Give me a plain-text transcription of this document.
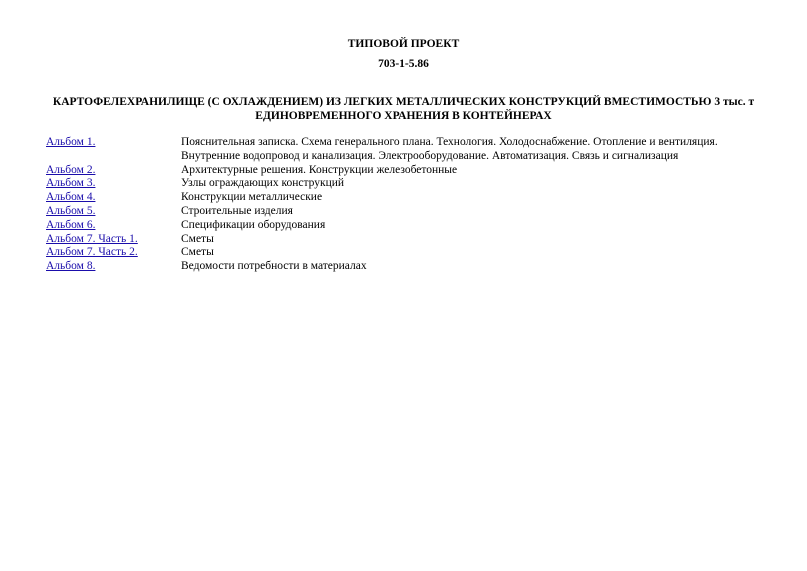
ТИПОВОЙ ПРОЕКТ
703-1-5.86
КАРТОФЕЛЕХРАНИЛИЩЕ (С ОХЛАЖДЕНИЕМ) ИЗ ЛЕГКИХ МЕТАЛЛИЧЕСКИХ КОНСТРУКЦИЙ ВМЕСТИМОСТЬЮ 3 тыс. т
ЕДИНОВРЕМЕННОГО ХРАНЕНИЯ В КОНТЕЙНЕРАХ
Альбом 1.	Пояснительная записка. Схема генерального плана. Технология. Холодоснабжение. Отопление и вентиляция. Внутренние водопровод и канализация. Электрооборудование. Автоматизация. Связь и сигнализация
Альбом 2.	Архитектурные решения. Конструкции железобетонные
Альбом 3.	Узлы ограждающих конструкций
Альбом 4.	Конструкции металлические
Альбом 5.	Строительные изделия
Альбом 6.	Спецификации оборудования
Альбом 7. Часть 1.	Сметы
Альбом 7. Часть 2.	Сметы
Альбом 8.	Ведомости потребности в материалах
